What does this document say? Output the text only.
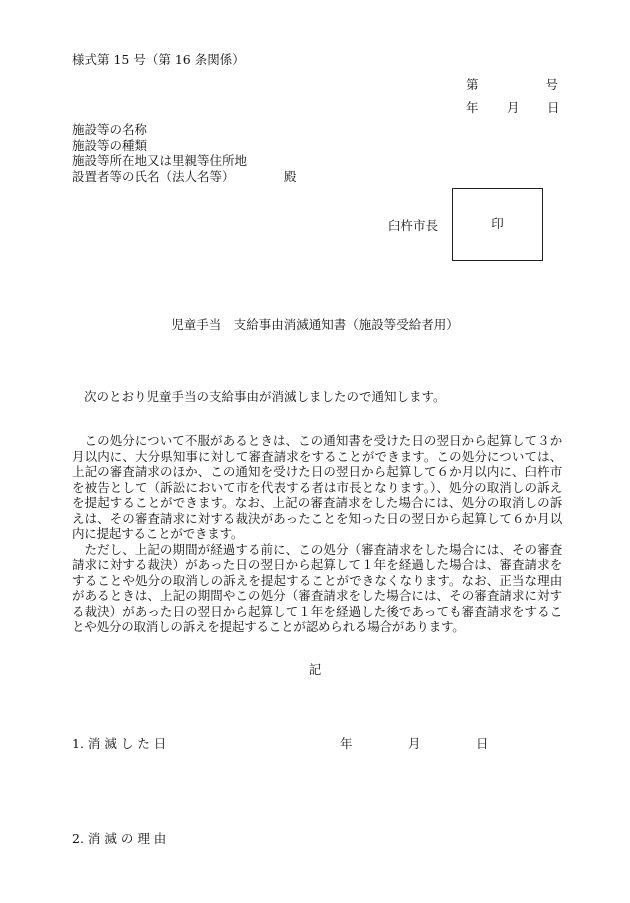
様式第 15 号（第 16 条関係）
第	号
年 月 日
施設等の名称
施設等の種類
施設等所在地又は里親等住所地
設置者等の氏名（法人名等）	殿
臼杵市長	印
児童手当　支給事由消滅通知書（施設等受給者用）
次のとおり児童手当の支給事由が消滅しましたので通知します。

この処分について不服があるときは、この通知書を受けた日の翌日から起算して３か月以内に、大分県知事に対して審査請求をすることができます。この処分については、上記の審査請求のほか、この通知を受けた日の翌日から起算して６か月以内に、臼杵市を被告として（訴訟において市を代表する者は市長となります。）、処分の取消しの訴えを提起することができます。なお、上記の審査請求をした場合には、処分の取消しの訴えは、その審査請求に対する裁決があったことを知った日の翌日から起算して６か月以内に提起することができます。

ただし、上記の期間が経過する前に、この処分（審査請求をした場合には、その審査請求に対する裁決）があった日の翌日から起算して１年を経過した場合は、審査請求をすることや処分の取消しの訴えを提起することができなくなります。なお、正当な理由があるときは、上記の期間やこの処分（審査請求をした場合には、その審査請求に対する裁決）があった日の翌日から起算して１年を経過した後であっても審査請求をすることや処分の取消しの訴えを提起することが認められる場合があります。

記
1. 消 滅 し た 日	年	月	日
2. 消 滅 の 理 由
